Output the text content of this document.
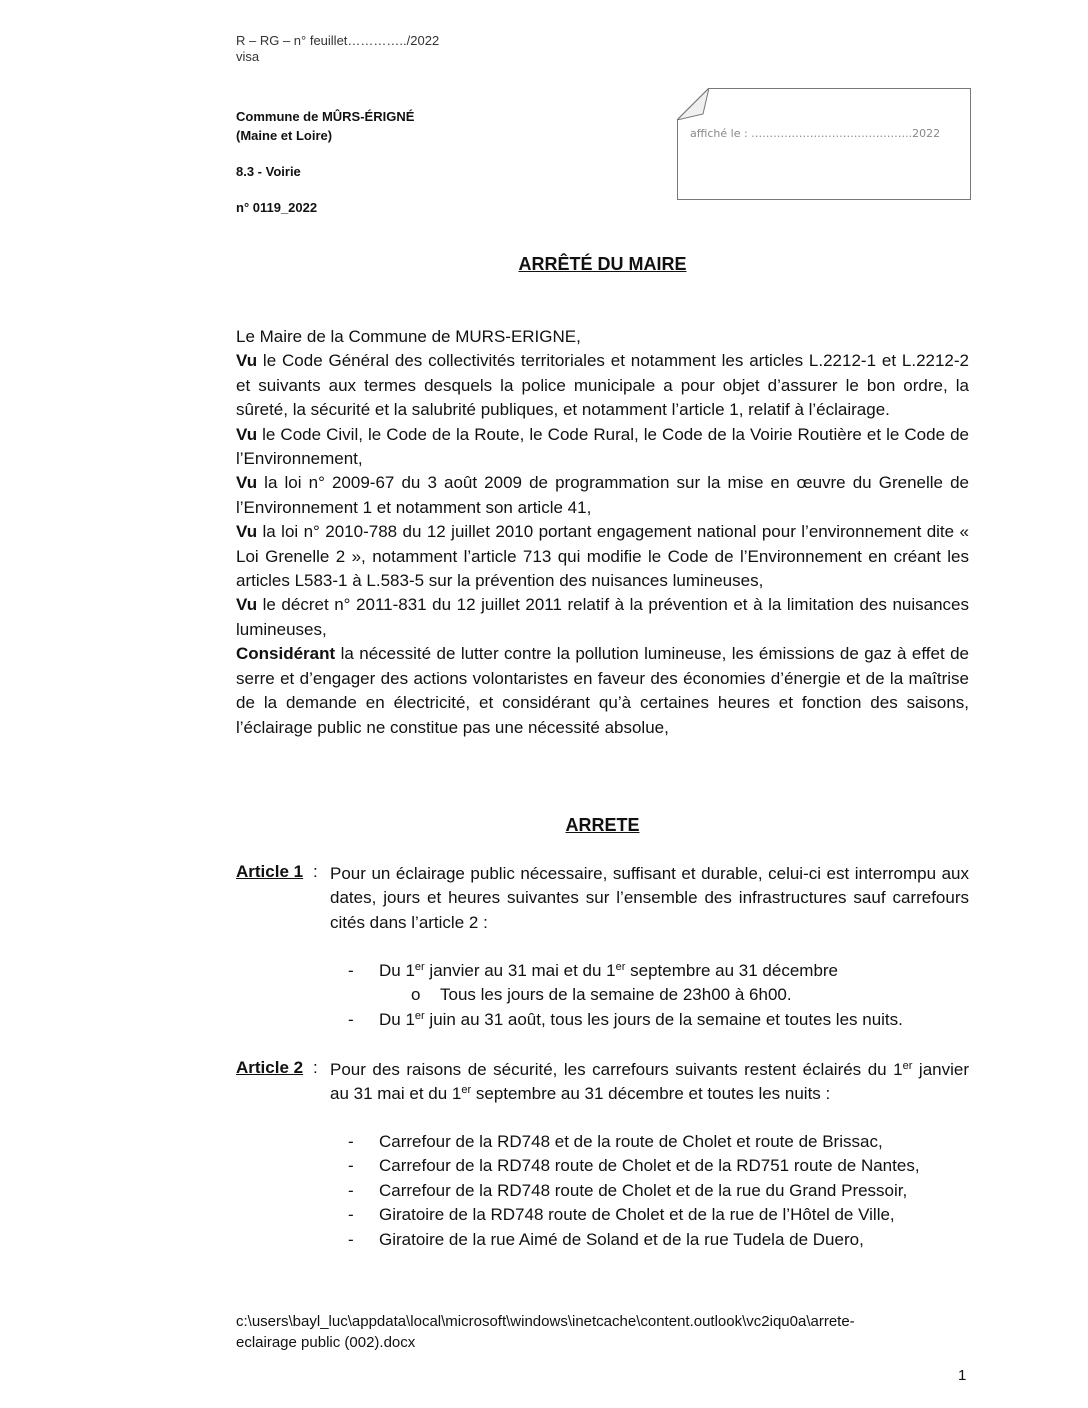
R – RG – n° feuillet…………../2022
visa
Commune de MÛRS-ÉRIGNÉ
(Maine et Loire)
8.3 - Voirie
n° 0119_2022
affiché le : ……………………………………..2022
ARRÊTÉ DU MAIRE

Le Maire de la Commune de MURS-ERIGNE,

Vu le Code Général des collectivités territoriales et notamment les articles L.2212-1 et L.2212-2 et suivants aux termes desquels la police municipale a pour objet d’assurer le bon ordre, la sûreté, la sécurité et la salubrité publiques, et notamment l’article 1, relatif à l’éclairage.

Vu le Code Civil, le Code de la Route, le Code Rural, le Code de la Voirie Routière et le Code de l’Environnement,

Vu la loi n° 2009-67 du 3 août 2009 de programmation sur la mise en œuvre du Grenelle de l’Environnement 1 et notamment son article 41,

Vu la loi n° 2010-788 du 12 juillet 2010 portant engagement national pour l’environnement dite « Loi Grenelle 2 », notamment l’article 713 qui modifie le Code de l’Environnement en créant les articles L583-1 à L.583-5 sur la prévention des nuisances lumineuses,

Vu le décret n° 2011-831 du 12 juillet 2011 relatif à la prévention et à la limitation des nuisances lumineuses,

Considérant la nécessité de lutter contre la pollution lumineuse, les émissions de gaz à effet de serre et d’engager des actions volontaristes en faveur des économies d’énergie et de la maîtrise de la demande en électricité, et considérant qu’à certaines heures et fonction des saisons, l’éclairage public ne constitue pas une nécessité absolue,

ARRETE
Article 1 : Pour un éclairage public nécessaire, suffisant et durable, celui-ci est interrompu aux dates, jours et heures suivantes sur l’ensemble des infrastructures sauf carrefours cités dans l’article 2 :
- Du 1er janvier au 31 mai et du 1er septembre au 31 décembre
o Tous les jours de la semaine de 23h00 à 6h00.
- Du 1er juin au 31 août, tous les jours de la semaine et toutes les nuits.
Article 2 : Pour des raisons de sécurité, les carrefours suivants restent éclairés du 1er janvier au 31 mai et du 1er septembre au 31 décembre et toutes les nuits :
- Carrefour de la RD748 et de la route de Cholet et route de Brissac,
- Carrefour de la RD748 route de Cholet et de la RD751 route de Nantes,
- Carrefour de la RD748 route de Cholet et de la rue du Grand Pressoir,
- Giratoire de la RD748 route de Cholet et de la rue de l’Hôtel de Ville,
- Giratoire de la rue Aimé de Soland et de la rue Tudela de Duero,
c:\users\bayl_luc\appdata\local\microsoft\windows\inetcache\content.outlook\vc2iqu0a\arrete-
eclairage public (002).docx
1
